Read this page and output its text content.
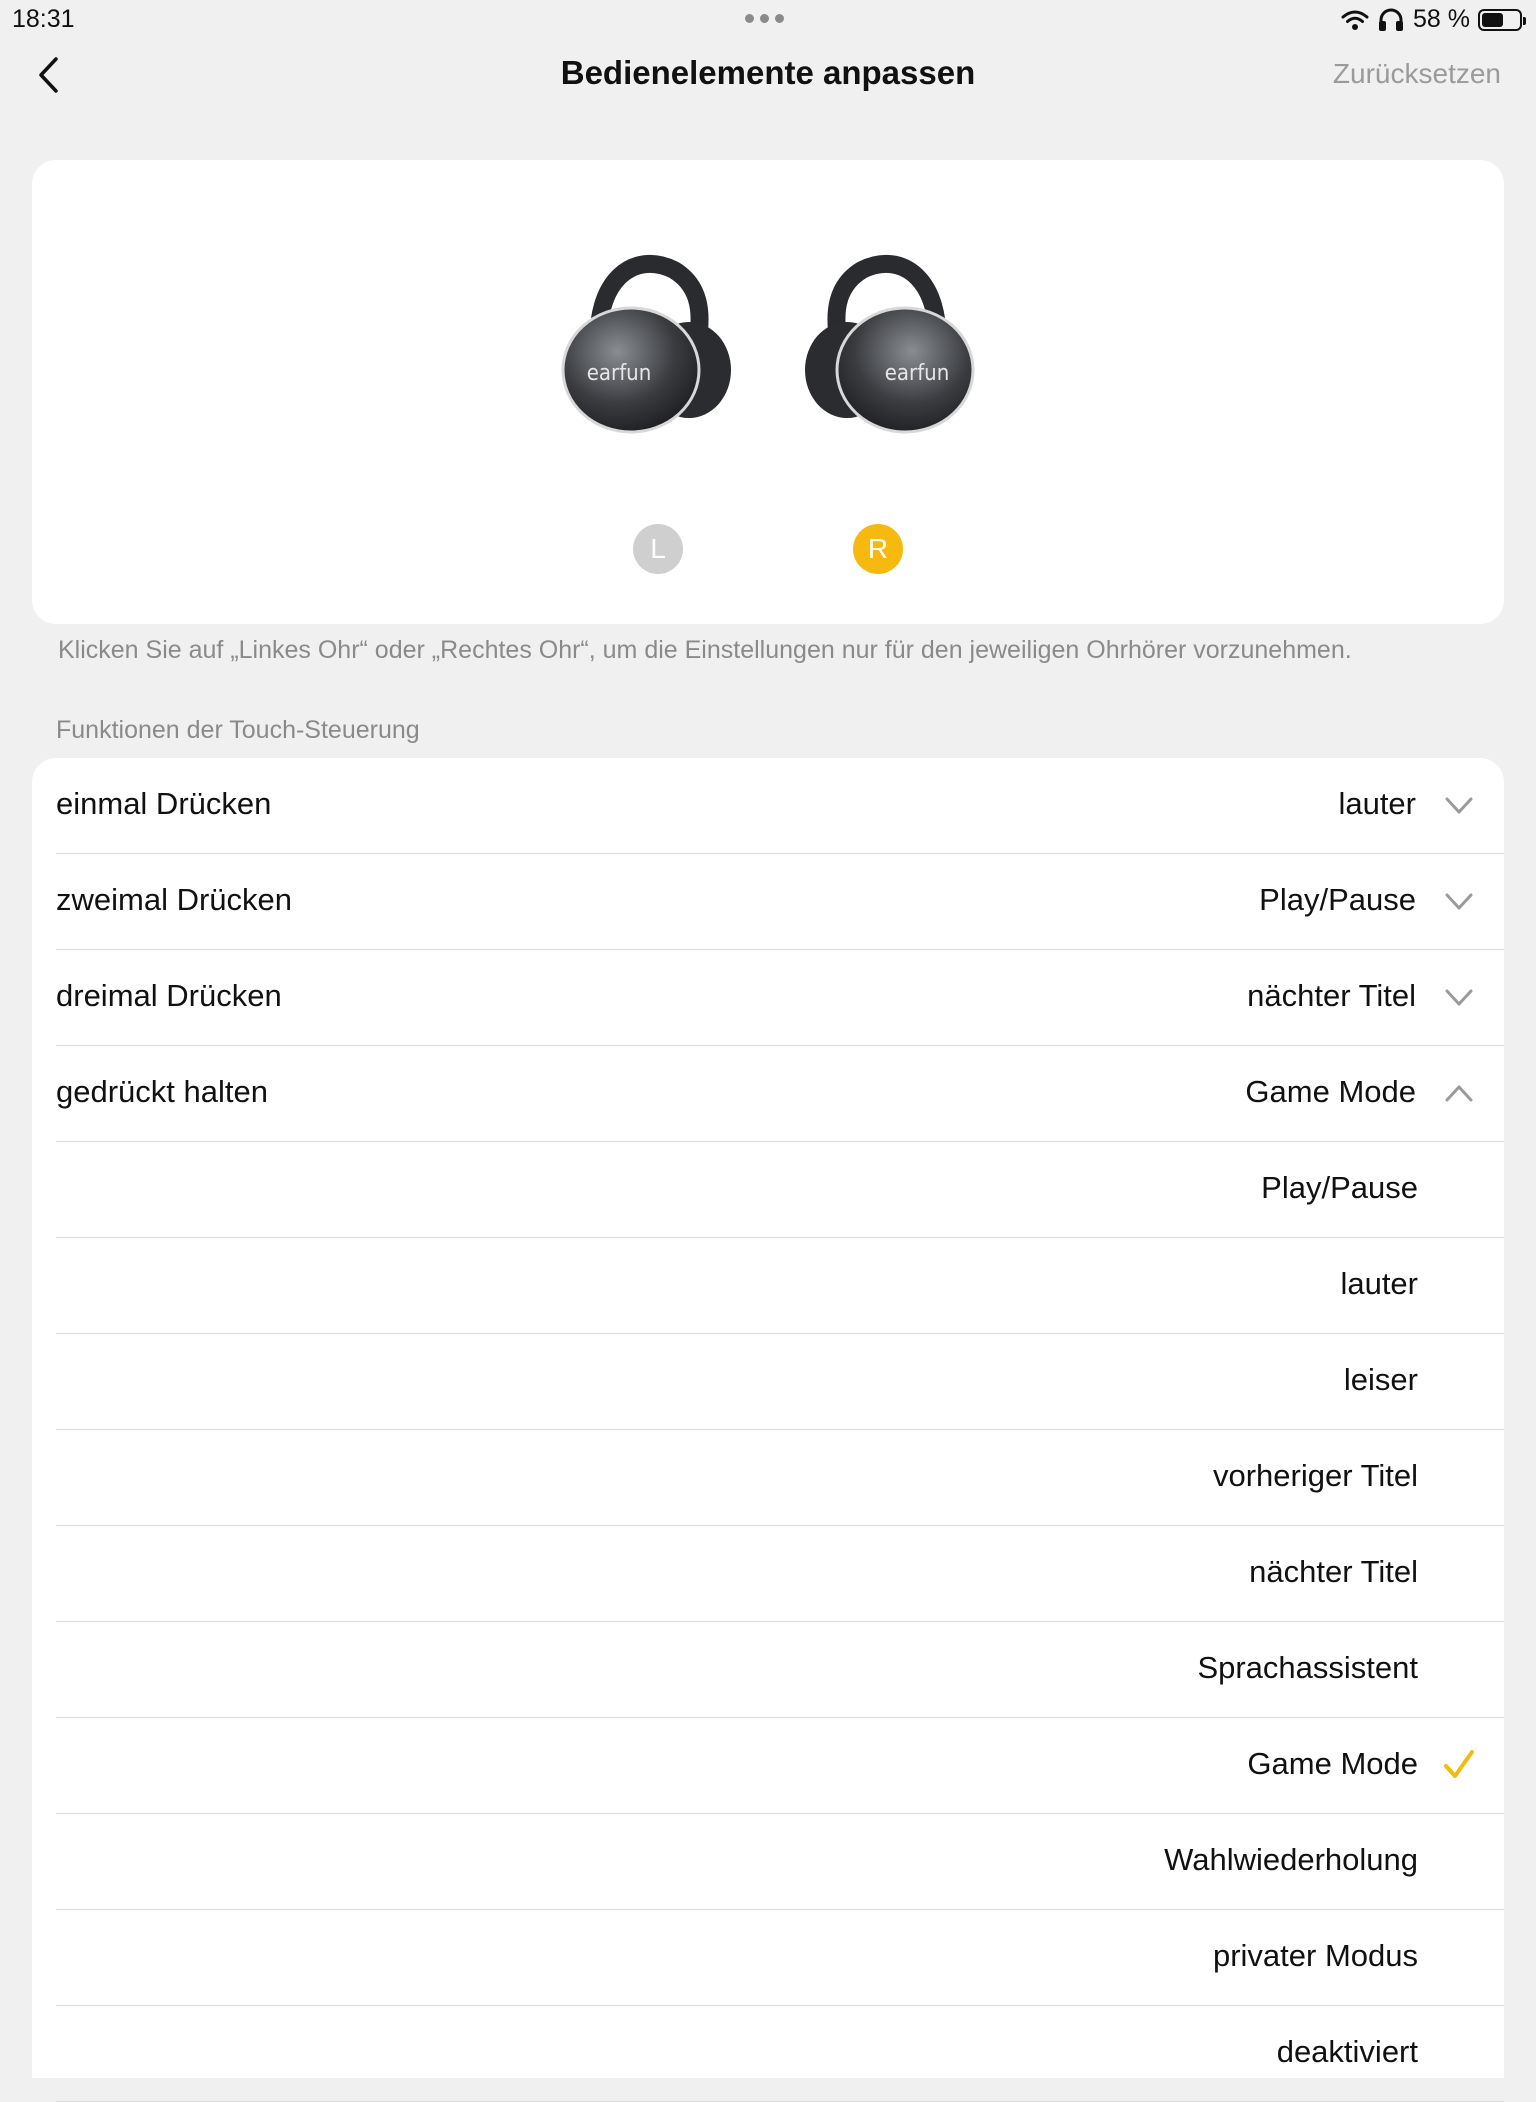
18:31	58 %
Bedienelemente anpassen	Zurücksetzen
earfun	earfun
L	R
Klicken Sie auf „Linkes Ohr“ oder „Rechtes Ohr“, um die Einstellungen nur für den jeweiligen Ohrhörer vorzunehmen.
Funktionen der Touch-Steuerung
einmal Drücken	lauter
zweimal Drücken	Play/Pause
dreimal Drücken	nächter Titel
gedrückt halten	Game Mode
Play/Pause
lauter
leiser
vorheriger Titel
nächter Titel
Sprachassistent
Game Mode
Wahlwiederholung
privater Modus
deaktiviert
